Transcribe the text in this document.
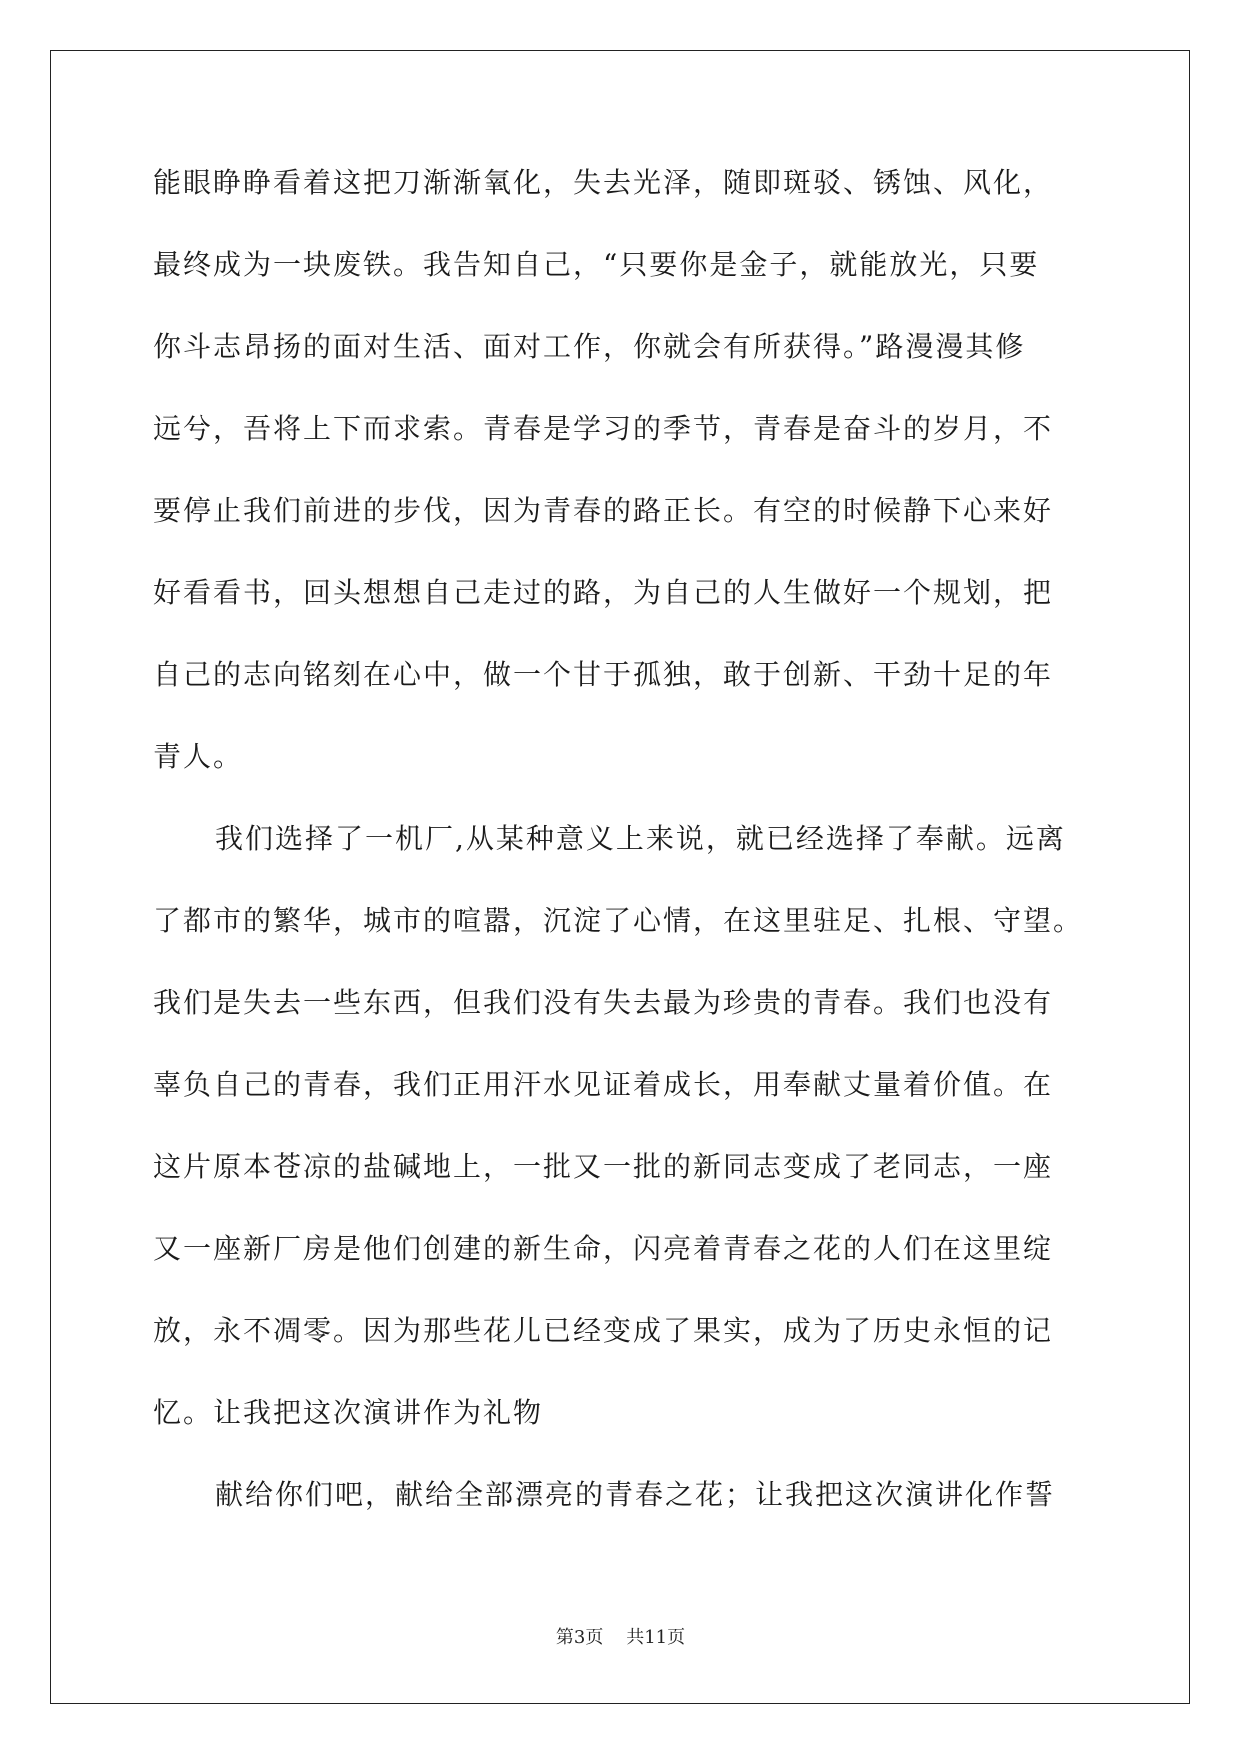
能眼睁睁看着这把刀渐渐氧化，失去光泽，随即斑驳、锈蚀、风化，
最终成为一块废铁。我告知自己，“只要你是金子，就能放光，只要
你斗志昂扬的面对生活、面对工作，你就会有所获得。”路漫漫其修
远兮，吾将上下而求索。青春是学习的季节，青春是奋斗的岁月，不
要停止我们前进的步伐，因为青春的路正长。有空的时候静下心来好
好看看书，回头想想自己走过的路，为自己的人生做好一个规划，把
自己的志向铭刻在心中，做一个甘于孤独，敢于创新、干劲十足的年
青人。
我们选择了一机厂,从某种意义上来说，就已经选择了奉献。远离
了都市的繁华，城市的喧嚣，沉淀了心情，在这里驻足、扎根、守望。
我们是失去一些东西，但我们没有失去最为珍贵的青春。我们也没有
辜负自己的青春，我们正用汗水见证着成长，用奉献丈量着价值。在
这片原本苍凉的盐碱地上，一批又一批的新同志变成了老同志，一座
又一座新厂房是他们创建的新生命，闪亮着青春之花的人们在这里绽
放，永不凋零。因为那些花儿已经变成了果实，成为了历史永恒的记
忆。让我把这次演讲作为礼物
献给你们吧，献给全部漂亮的青春之花；让我把这次演讲化作誓
第3页 共11页
